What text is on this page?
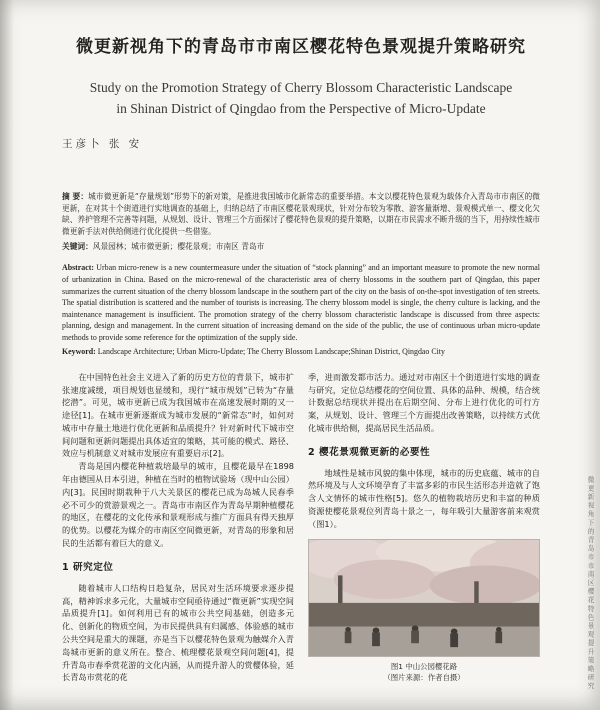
微更新视角下的青岛市市南区樱花特色景观提升策略研究
Study on the Promotion Strategy of Cherry Blossom Characteristic Landscape
in Shinan District of Qingdao from the Perspective of Micro-Update
王彦卜 张 安

摘 要：城市微更新是“存量规划”形势下的新对策，是推进我国城市化新常态的重要举措。本文以樱花特色景观为载体介入青岛市市南区的微更新，在对其十个街道进行实地调查的基础上，归纳总结了市南区樱花景观现状，针对分布较为零散、游客量渐增、景观模式单一、樱文化欠缺、养护管理不完善等问题，从规划、设计、管理三个方面探讨了樱花特色景观的提升策略，以期在市民需求不断升级的当下，用持续性城市微更新手法对供给侧进行优化提供一些借鉴。

关键词：风景园林；城市微更新；樱花景观；市南区 青岛市

Abstract: Urban micro-renew is a new countermeasure under the situation of “stock planning” and an important measure to promote the new normal of urbanization in China. Based on the micro-renewal of the characteristic area of cherry blossoms in the southern part of Qingdao, this paper summarizes the current situation of the cherry blossom landscape in the southern part of the city on the basis of on-the-spot investigation of ten streets. The spatial distribution is scattered and the number of tourists is increasing. The cherry blossom model is single, the cherry culture is lacking, and the maintenance management is insufficient. The promotion strategy of the cherry blossom characteristic landscape is discussed from three aspects: planning, design and management. In the current situation of increasing demand on the side of the public, the use of continuous urban micro-update methods to provide some reference for the optimization of the supply side.

Keyword: Landscape Architecture; Urban Micro-Update; The Cherry Blossom Landscape;Shinan District, Qingdao City

在中国特色社会主义进入了新的历史方位的背景下，城市扩张速度减缓，项目规划也显缓和，现行“城市规划”已转为“存量挖潜”。可见，城市更新已成为我国城市在高速发展时期的又一途径[1]。在城市更新逐渐成为城市发展的“新常态”时，如何对城市中存量土地进行优化更新和品质提升？针对新时代下城市空间问题和更新问题提出具体适宜的策略，其可能的模式、路径、效应与机制意义对城市发展应有重要启示[2]。

青岛是国内樱花种植栽培最早的城市，且樱花最早在1898年由德国从日本引进，种植在当时的植物试验场（现中山公园）内[3]。民国时期栽种于八大关景区的樱花已成为岛城人民春季必不可少的赏游景观之一。青岛市市南区作为青岛早期种植樱花的地区，在樱花的文化传承和景观形成与推广方面具有得天独厚的优势。以樱花为媒介的市南区空间微更新，对青岛的形象和居民的生活都有着巨大的意义。

1 研究定位

随着城市人口结构日趋复杂，居民对生活环境要求逐步提高，精神诉求多元化，大量城市空间亟待通过“微更新”实现空间品质提升[1]。如何利用已有的城市公共空间基础，创造多元化、创新化的物质空间，为市民提供具有归属感、体验感的城市公共空间是重大的课题，亦是当下以樱花特色景观为触媒介入青岛城市更新的意义所在。整合、梳理樱花景观空间问题[4]，提升青岛市春季赏花游的文化内涵，从而提升游人的赏樱体验，延长青岛市赏花的花

季，进而激发都市活力。通过对市南区十个街道进行实地的调查与研究，定位总结樱花的空间位置、具体的品种、规模，结合统计数据总结现状并提出在后期空间、分布上进行优化的可行方案，从规划、设计、管理三个方面提出改善策略，以持续方式优化城市供给侧，提高居民生活品质。

2 樱花景观微更新的必要性

地域性是城市风貌的集中体现，城市的历史底蕴、城市的自然环境及与人文环境孕育了丰富多彩的市民生活形态并造就了饱含人文情怀的城市性格[5]。悠久的植物栽培历史和丰富的种质资源使樱花景观位列青岛十景之一，每年吸引大量游客前来观赏（图1）。

图1 中山公园樱花路
（图片来源：作者自摄）	微更新视角下的青岛市市南区樱花特色景观提升策略研究
